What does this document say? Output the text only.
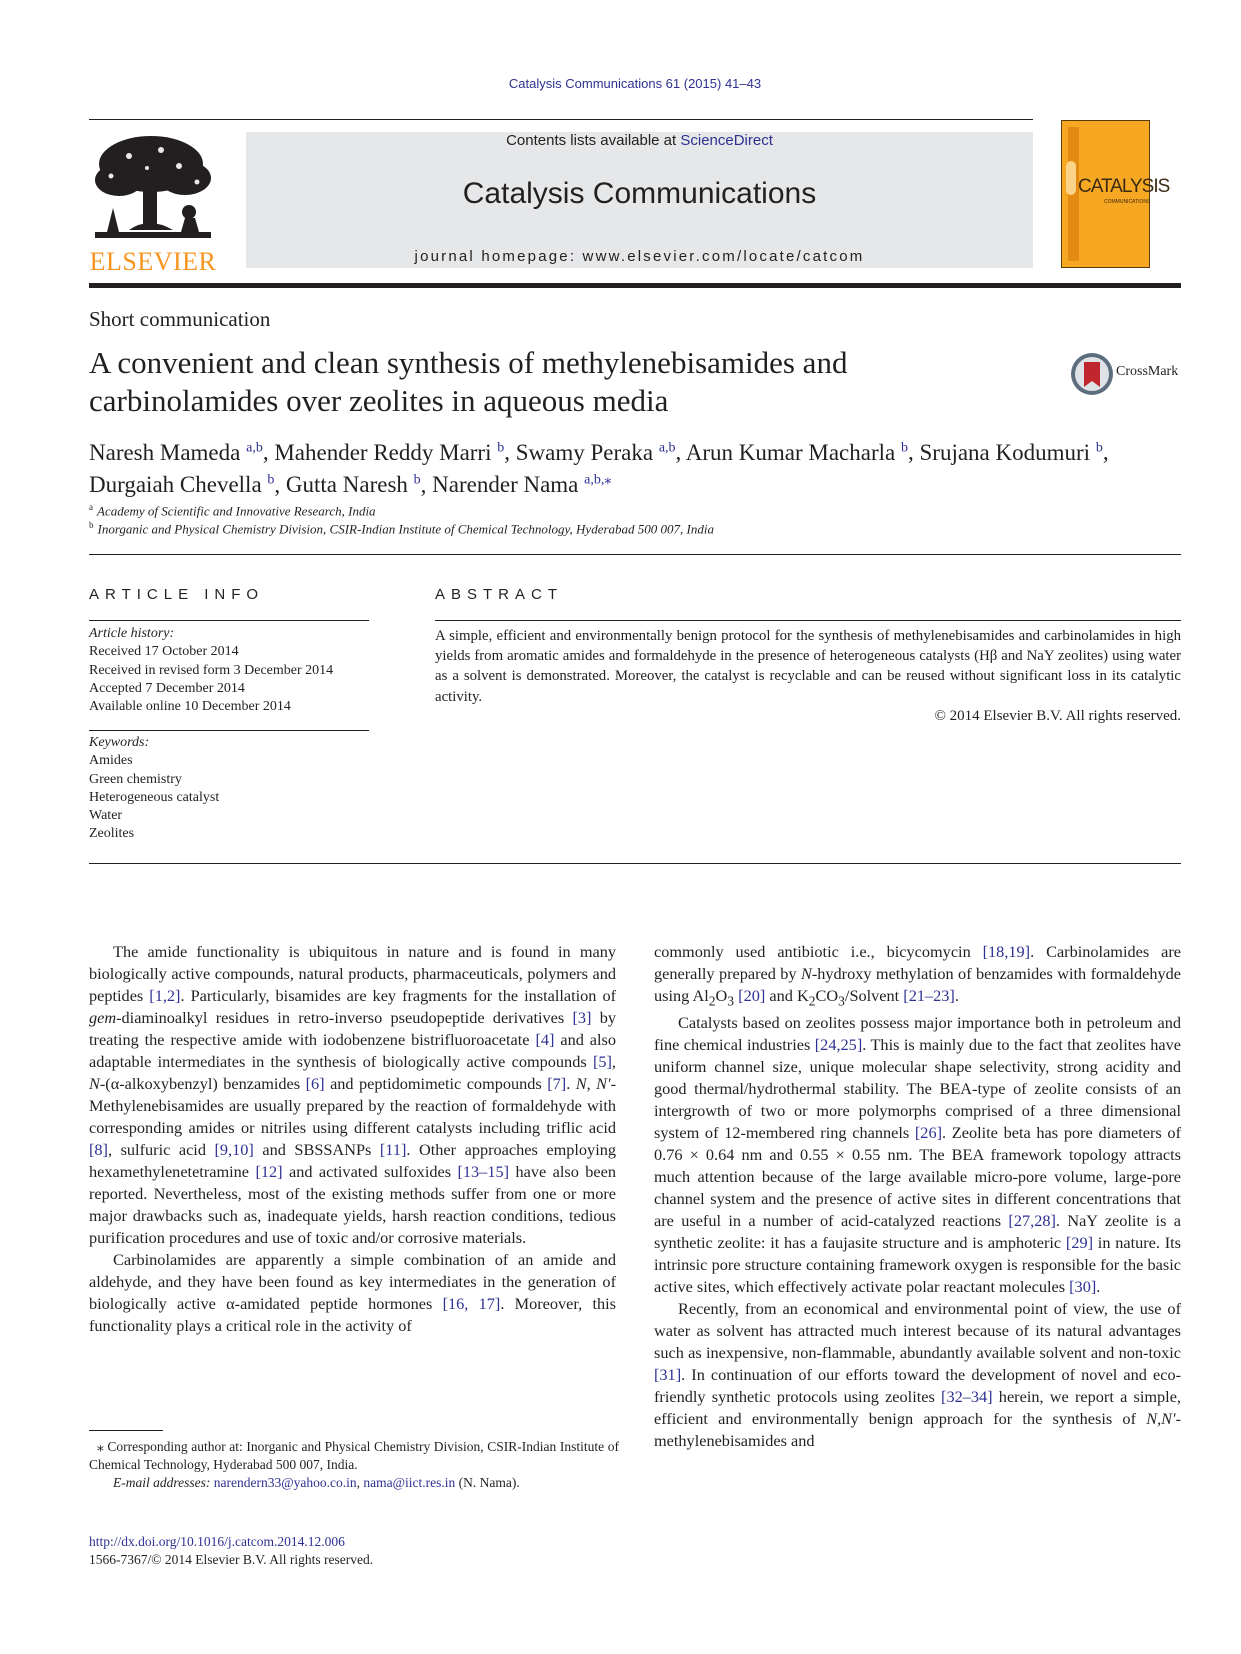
Catalysis Communications 61 (2015) 41–43
ELSEVIER
Contents lists available at ScienceDirect
Catalysis Communications
journal homepage: www.elsevier.com/locate/catcom
CATALYSIS
COMMUNICATIONS
Short communication
A convenient and clean synthesis of methylenebisamides and
carbinolamides over zeolites in aqueous media
CrossMark
Naresh Mameda $^{a,b}$, Mahender Reddy Marri $^b$, Swamy Peraka $^{a,b}$, Arun Kumar Macharla $^b$, Srujana Kodumuri $^b$,
Durgaiah Chevella $^b$, Gutta Naresh $^b$, Narender Nama $^{a,b,⁎}$
$^a$ Academy of Scientific and Innovative Research, India
$^b$ Inorganic and Physical Chemistry Division, CSIR-Indian Institute of Chemical Technology, Hyderabad 500 007, India
ARTICLE INFO	ABSTRACT
Article history:
Received 17 October 2014
Received in revised form 3 December 2014
Accepted 7 December 2014
Available online 10 December 2014
Keywords:
Amides
Green chemistry
Heterogeneous catalyst
Water
Zeolites
A simple, efficient and environmentally benign protocol for the synthesis of methylenebisamides and carbinolamides in high yields from aromatic amides and formaldehyde in the presence of heterogeneous catalysts (Hβ and NaY zeolites) using water as a solvent is demonstrated. Moreover, the catalyst is recyclable and can be reused without significant loss in its catalytic activity.
© 2014 Elsevier B.V. All rights reserved.

The amide functionality is ubiquitous in nature and is found in many biologically active compounds, natural products, pharmaceuticals, polymers and peptides [1,2]. Particularly, bisamides are key fragments for the installation of gem-diaminoalkyl residues in retro-inverso pseudopeptide derivatives [3] by treating the respective amide with iodobenzene bistrifluoroacetate [4] and also adaptable intermediates in the synthesis of biologically active compounds [5], N-(α-alkoxybenzyl) benzamides [6] and peptidomimetic compounds [7]. N, N′-Methylenebisamides are usually prepared by the reaction of formaldehyde with corresponding amides or nitriles using different catalysts including triflic acid [8], sulfuric acid [9,10] and SBSSANPs [11]. Other approaches employing hexamethylenetetramine [12] and activated sulfoxides [13–15] have also been reported. Nevertheless, most of the existing methods suffer from one or more major drawbacks such as, inadequate yields, harsh reaction conditions, tedious purification procedures and use of toxic and/or corrosive materials.

Carbinolamides are apparently a simple combination of an amide and aldehyde, and they have been found as key intermediates in the generation of biologically active α-amidated peptide hormones [16, 17]. Moreover, this functionality plays a critical role in the activity of

⁎ Corresponding author at: Inorganic and Physical Chemistry Division, CSIR-Indian Institute of Chemical Technology, Hyderabad 500 007, India.
E-mail addresses: narendern33@yahoo.co.in, nama@iict.res.in (N. Nama).

commonly used antibiotic i.e., bicycomycin [18,19]. Carbinolamides are generally prepared by N-hydroxy methylation of benzamides with formaldehyde using $Al_2O_3$ [20] and $K_2CO_3$/Solvent [21–23].

Catalysts based on zeolites possess major importance both in petroleum and fine chemical industries [24,25]. This is mainly due to the fact that zeolites have uniform channel size, unique molecular shape selectivity, strong acidity and good thermal/hydrothermal stability. The BEA-type of zeolite consists of an intergrowth of two or more polymorphs comprised of a three dimensional system of 12-membered ring channels [26]. Zeolite beta has pore diameters of 0.76 × 0.64 nm and 0.55 × 0.55 nm. The BEA framework topology attracts much attention because of the large available micro-pore volume, large-pore channel system and the presence of active sites in different concentrations that are useful in a number of acid-catalyzed reactions [27,28]. NaY zeolite is a synthetic zeolite: it has a faujasite structure and is amphoteric [29] in nature. Its intrinsic pore structure containing framework oxygen is responsible for the basic active sites, which effectively activate polar reactant molecules [30].

Recently, from an economical and environmental point of view, the use of water as solvent has attracted much interest because of its natural advantages such as inexpensive, non-flammable, abundantly available solvent and non-toxic [31]. In continuation of our efforts toward the development of novel and eco-friendly synthetic protocols using zeolites [32–34] herein, we report a simple, efficient and environmentally benign approach for the synthesis of N,N′-methylenebisamides and

http://dx.doi.org/10.1016/j.catcom.2014.12.006
1566-7367/© 2014 Elsevier B.V. All rights reserved.
